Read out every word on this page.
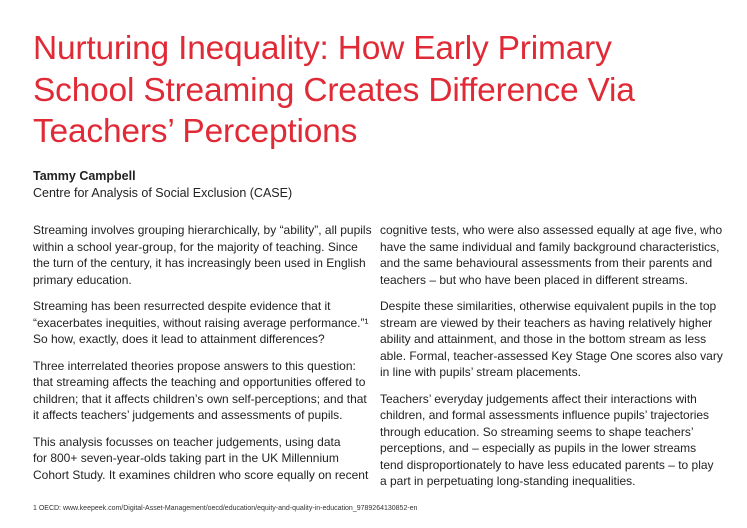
Nurturing Inequality: How Early Primary
School Streaming Creates Difference Via
Teachers’ Perceptions
Tammy Campbell
Centre for Analysis of Social Exclusion (CASE)

Streaming involves grouping hierarchically, by “ability”, all pupils
within a school year-group, for the majority of teaching. Since
the turn of the century, it has increasingly been used in English
primary education.

Streaming has been resurrected despite evidence that it
“exacerbates inequities, without raising average performance.”¹
So how, exactly, does it lead to attainment differences?

Three interrelated theories propose answers to this question:
that streaming affects the teaching and opportunities offered to
children; that it affects children’s own self-perceptions; and that
it affects teachers’ judgements and assessments of pupils.

This analysis focusses on teacher judgements, using data
for 800+ seven-year-olds taking part in the UK Millennium
Cohort Study. It examines children who score equally on recent

cognitive tests, who were also assessed equally at age five, who
have the same individual and family background characteristics,
and the same behavioural assessments from their parents and
teachers – but who have been placed in different streams.

Despite these similarities, otherwise equivalent pupils in the top
stream are viewed by their teachers as having relatively higher
ability and attainment, and those in the bottom stream as less
able. Formal, teacher-assessed Key Stage One scores also vary
in line with pupils’ stream placements.

Teachers’ everyday judgements affect their interactions with
children, and formal assessments influence pupils’ trajectories
through education. So streaming seems to shape teachers’
perceptions, and – especially as pupils in the lower streams
tend disproportionately to have less educated parents – to play
a part in perpetuating long-standing inequalities.

1 OECD: www.keepeek.com/Digital-Asset-Management/oecd/education/equity-and-quality-in-education_9789264130852-en
